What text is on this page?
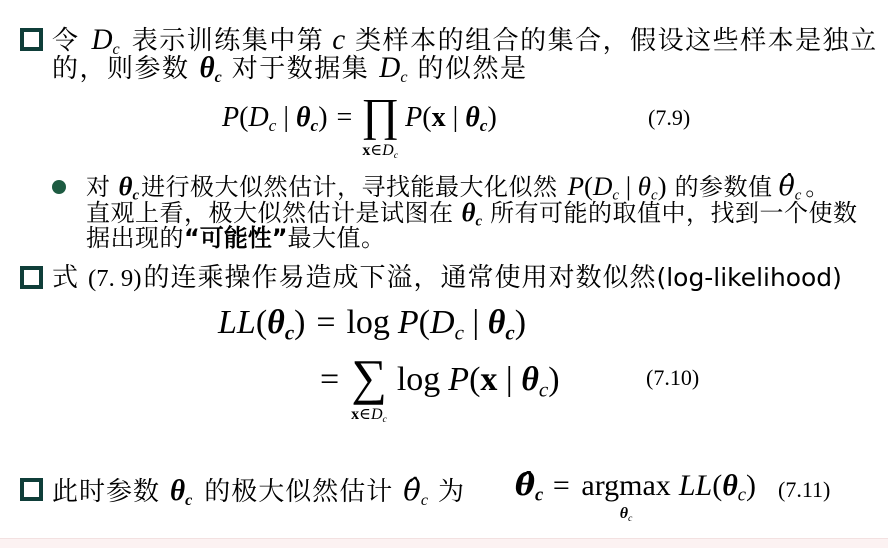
令 $D_c$ 表示训练集中第 c 类样本的组合的集合，假设这些样本是独立
的，则参数 $\theta_c$ 对于数据集 $D_c$ 的似然是
$P(D_c$ | $\theta_c$) = ∏
$x\in D_c$
P(x | $\theta_c$)	(7.9)
对 $\theta_c$进行极大似然估计，寻找能最大化似然 $P(D_c$ | $\theta_c$) 的参数值 $\thetâ_c$ 。
直观上看，极大似然估计是试图在 $\theta_c$ 所有可能的取值中，找到一个使数
据出现的“可能性”最大值。
式 (7. 9)的连乘操作易造成下溢，通常使用对数似然(log-likelihood)
$LL(\theta_c) = \log P(D_c$ | $\theta_c$)
= ∑
$x\in D_c$
log P(x | $\theta_c$)	(7.10)
此时参数 $\theta_c$ 的极大似然估计 $\thetâ_c$ 为 $\thetâ_c = argmax$
$\theta_c$
$LL(\theta_c)$ (7.11)
